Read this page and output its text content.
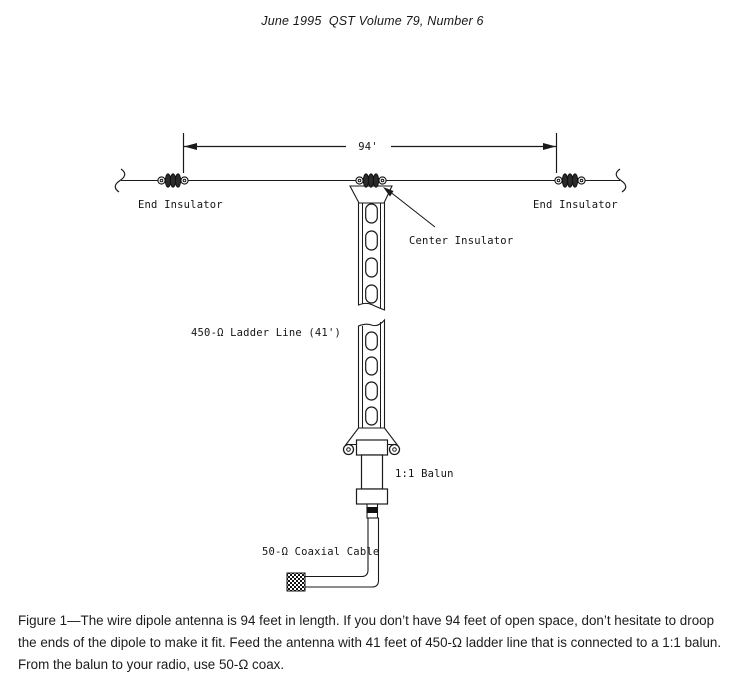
June 1995  QST Volume 79, Number 6
94'
End Insulator	End Insulator
Center Insulator
450-Ω Ladder Line (41')
1:1 Balun
50-Ω Coaxial Cable
Figure 1—The wire dipole antenna is 94 feet in length. If you don’t have 94 feet of open space, don’t hesitate to droop the ends of the dipole to make it fit. Feed the antenna with 41 feet of 450-Ω ladder line that is connected to a 1:1 balun. From the balun to your radio, use 50-Ω coax.
